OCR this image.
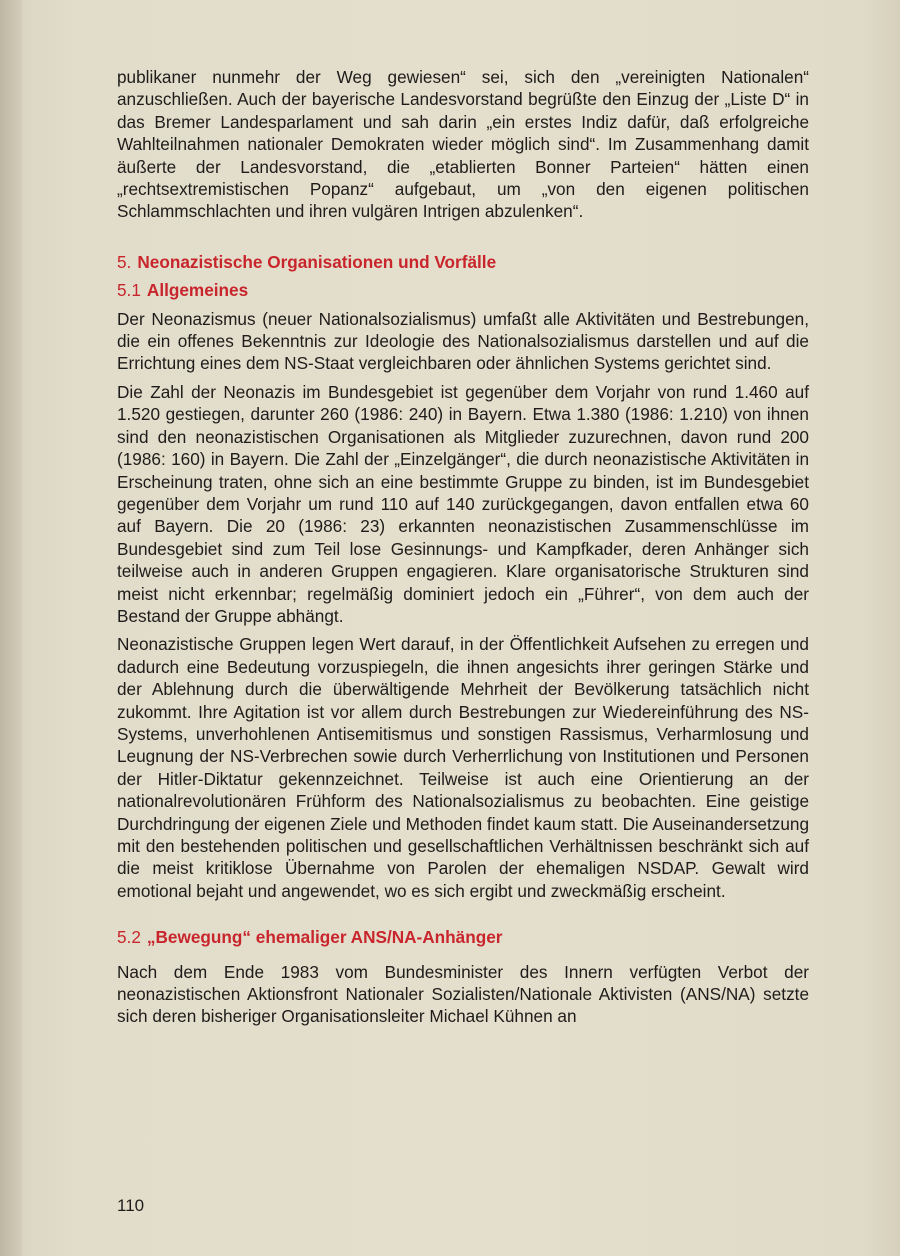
publikaner nunmehr der Weg gewiesen“ sei, sich den „vereinigten Nationalen“ anzuschließen. Auch der bayerische Landesvorstand begrüßte den Einzug der „Liste D“ in das Bremer Landesparlament und sah darin „ein erstes Indiz dafür, daß erfolgreiche Wahlteilnahmen nationaler Demokraten wieder möglich sind“. Im Zusammenhang damit äußerte der Landesvorstand, die „etablierten Bonner Parteien“ hätten einen „rechtsextremistischen Popanz“ aufgebaut, um „von den eigenen politischen Schlammschlachten und ihren vulgären Intrigen abzulenken“.

5. Neonazistische Organisationen und Vorfälle
5.1 Allgemeines

Der Neonazismus (neuer Nationalsozialismus) umfaßt alle Aktivitäten und Bestrebungen, die ein offenes Bekenntnis zur Ideologie des Nationalsozialismus darstellen und auf die Errichtung eines dem NS-Staat vergleichbaren oder ähnlichen Systems gerichtet sind.

Die Zahl der Neonazis im Bundesgebiet ist gegenüber dem Vorjahr von rund 1.460 auf 1.520 gestiegen, darunter 260 (1986: 240) in Bayern. Etwa 1.380 (1986: 1.210) von ihnen sind den neonazistischen Organisationen als Mitglieder zuzurechnen, davon rund 200 (1986: 160) in Bayern. Die Zahl der „Einzelgänger“, die durch neonazistische Aktivitäten in Erscheinung traten, ohne sich an eine bestimmte Gruppe zu binden, ist im Bundesgebiet gegenüber dem Vorjahr um rund 110 auf 140 zurückgegangen, davon entfallen etwa 60 auf Bayern. Die 20 (1986: 23) erkannten neonazistischen Zusammenschlüsse im Bundesgebiet sind zum Teil lose Gesinnungs- und Kampfkader, deren Anhänger sich teilweise auch in anderen Gruppen engagieren. Klare organisatorische Strukturen sind meist nicht erkennbar; regelmäßig dominiert jedoch ein „Führer“, von dem auch der Bestand der Gruppe abhängt.

Neonazistische Gruppen legen Wert darauf, in der Öffentlichkeit Aufsehen zu erregen und dadurch eine Bedeutung vorzuspiegeln, die ihnen angesichts ihrer geringen Stärke und der Ablehnung durch die überwältigende Mehrheit der Bevölkerung tatsächlich nicht zukommt. Ihre Agitation ist vor allem durch Bestrebungen zur Wiedereinführung des NS-Systems, unverhohlenen Antisemitismus und sonstigen Rassismus, Verharmlosung und Leugnung der NS-Verbrechen sowie durch Verherrlichung von Institutionen und Personen der Hitler-Diktatur gekennzeichnet. Teilweise ist auch eine Orientierung an der nationalrevolutionären Frühform des Nationalsozialismus zu beobachten. Eine geistige Durchdringung der eigenen Ziele und Methoden findet kaum statt. Die Auseinandersetzung mit den bestehenden politischen und gesellschaftlichen Verhältnissen beschränkt sich auf die meist kritiklose Übernahme von Parolen der ehemaligen NSDAP. Gewalt wird emotional bejaht und angewendet, wo es sich ergibt und zweckmäßig erscheint.

5.2 „Bewegung“ ehemaliger ANS/NA-Anhänger

Nach dem Ende 1983 vom Bundesminister des Innern verfügten Verbot der neonazistischen Aktionsfront Nationaler Sozialisten/Nationale Aktivisten (ANS/NA) setzte sich deren bisheriger Organisationsleiter Michael Kühnen an

110
